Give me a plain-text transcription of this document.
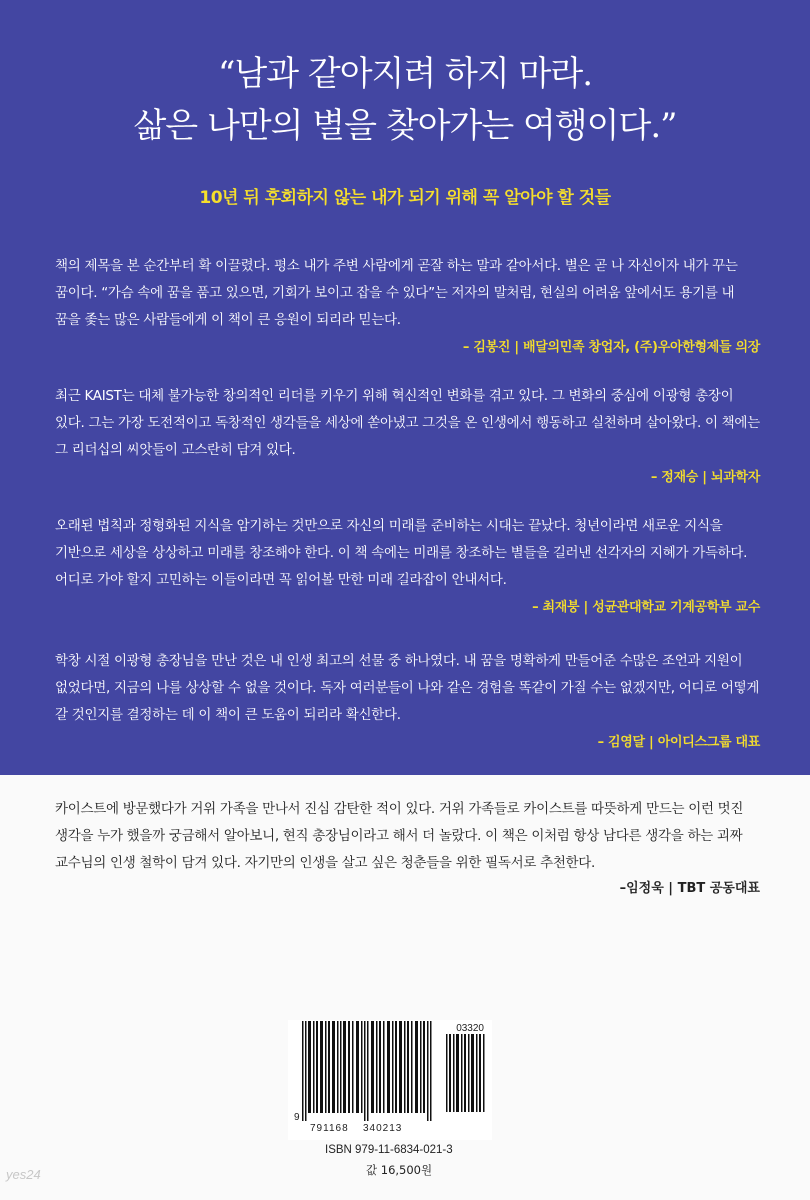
“남과 같아지려 하지 마라.
삶은 나만의 별을 찾아가는 여행이다.”
10년 뒤 후회하지 않는 내가 되기 위해 꼭 알아야 할 것들
책의 제목을 본 순간부터 확 이끌렸다. 평소 내가 주변 사람에게 곧잘 하는 말과 같아서다. 별은 곧 나 자신이자 내가 꾸는 꿈이다. “가슴 속에 꿈을 품고 있으면, 기회가 보이고 잡을 수 있다”는 저자의 말처럼, 현실의 어려움 앞에서도 용기를 내 꿈을 좇는 많은 사람들에게 이 책이 큰 응원이 되리라 믿는다.
– 김봉진 | 배달의민족 창업자, (주)우아한형제들 의장
최근 KAIST는 대체 불가능한 창의적인 리더를 키우기 위해 혁신적인 변화를 겪고 있다. 그 변화의 중심에 이광형 총장이 있다. 그는 가장 도전적이고 독창적인 생각들을 세상에 쏟아냈고 그것을 온 인생에서 행동하고 실천하며 살아왔다. 이 책에는 그 리더십의 씨앗들이 고스란히 담겨 있다.
– 정재승 | 뇌과학자
오래된 법칙과 정형화된 지식을 암기하는 것만으로 자신의 미래를 준비하는 시대는 끝났다. 청년이라면 새로운 지식을 기반으로 세상을 상상하고 미래를 창조해야 한다. 이 책 속에는 미래를 창조하는 별들을 길러낸 선각자의 지혜가 가득하다. 어디로 가야 할지 고민하는 이들이라면 꼭 읽어볼 만한 미래 길라잡이 안내서다.
– 최재붕 | 성균관대학교 기계공학부 교수
학창 시절 이광형 총장님을 만난 것은 내 인생 최고의 선물 중 하나였다. 내 꿈을 명확하게 만들어준 수많은 조언과 지원이 없었다면, 지금의 나를 상상할 수 없을 것이다. 독자 여러분들이 나와 같은 경험을 똑같이 가질 수는 없겠지만, 어디로 어떻게 갈 것인지를 결정하는 데 이 책이 큰 도움이 되리라 확신한다.
– 김영달 | 아이디스그룹 대표
카이스트에 방문했다가 거위 가족을 만나서 진심 감탄한 적이 있다. 거위 가족들로 카이스트를 따뜻하게 만드는 이런 멋진 생각을 누가 했을까 궁금해서 알아보니, 현직 총장님이라고 해서 더 놀랐다. 이 책은 이처럼 항상 남다른 생각을 하는 괴짜 교수님의 인생 철학이 담겨 있다. 자기만의 인생을 살고 싶은 청춘들을 위한 필독서로 추천한다.
–임정욱 | TBT 공동대표
03320
9
791168 340213
ISBN 979-11-6834-021-3
값 16,500원
yes24
